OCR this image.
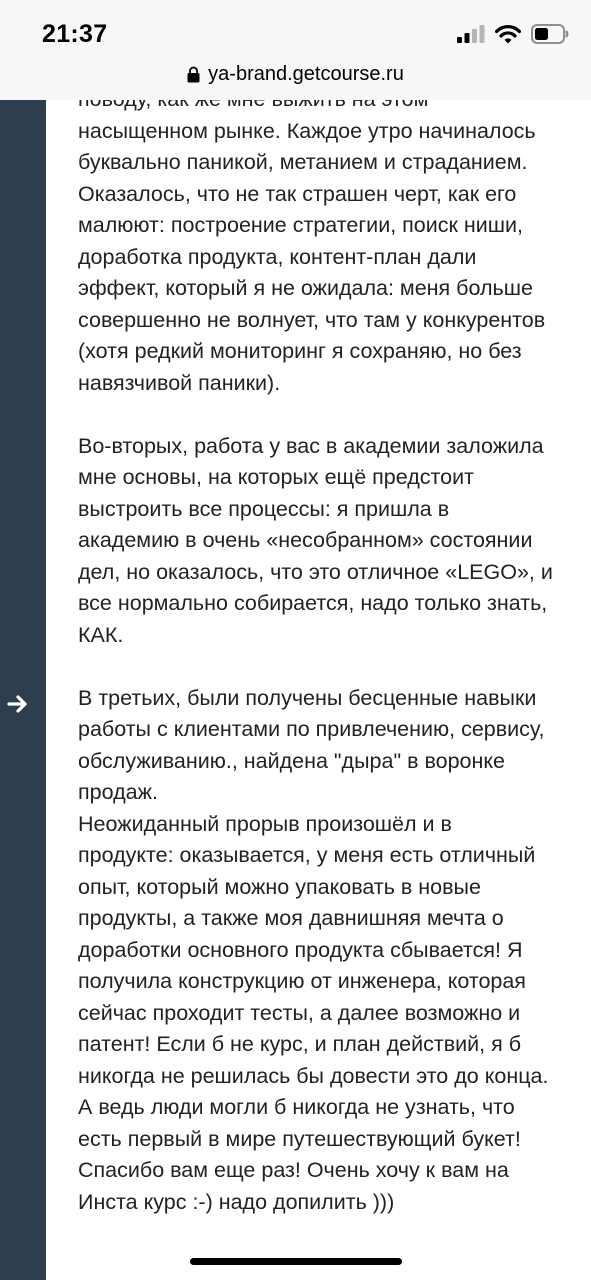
насыщенном рынке. Каждое утро начиналось
буквально паникой, метанием и страданием.
Оказалось, что не так страшен черт, как его
малюют: построение стратегии, поиск ниши,
доработка продукта, контент-план дали
эффект, который я не ожидала: меня больше
совершенно не волнует, что там у конкурентов
(хотя редкий мониторинг я сохраняю, но без
навязчивой паники).
Во-вторых, работа у вас в академии заложила
мне основы, на которых ещё предстоит
выстроить все процессы: я пришла в
академию в очень «несобранном» состоянии
дел, но оказалось, что это отличное «LEGO», и
все нормально собирается, надо только знать,
КАК.
В третьих, были получены бесценные навыки
работы с клиентами по привлечению, сервису,
обслуживанию., найдена "дыра" в воронке
продаж.
Неожиданный прорыв произошёл и в
продукте: оказывается, у меня есть отличный
опыт, который можно упаковать в новые
продукты, а также моя давнишняя мечта о
доработки основного продукта сбывается! Я
получила конструкцию от инженера, которая
сейчас проходит тесты, а далее возможно и
патент! Если б не курс, и план действий, я б
никогда не решилась бы довести это до конца.
А ведь люди могли б никогда не узнать, что
есть первый в мире путешествующий букет!
Спасибо вам еще раз! Очень хочу к вам на
Инста курс :-) надо допилить )))
21:37
ya-brand.getcourse.ru
